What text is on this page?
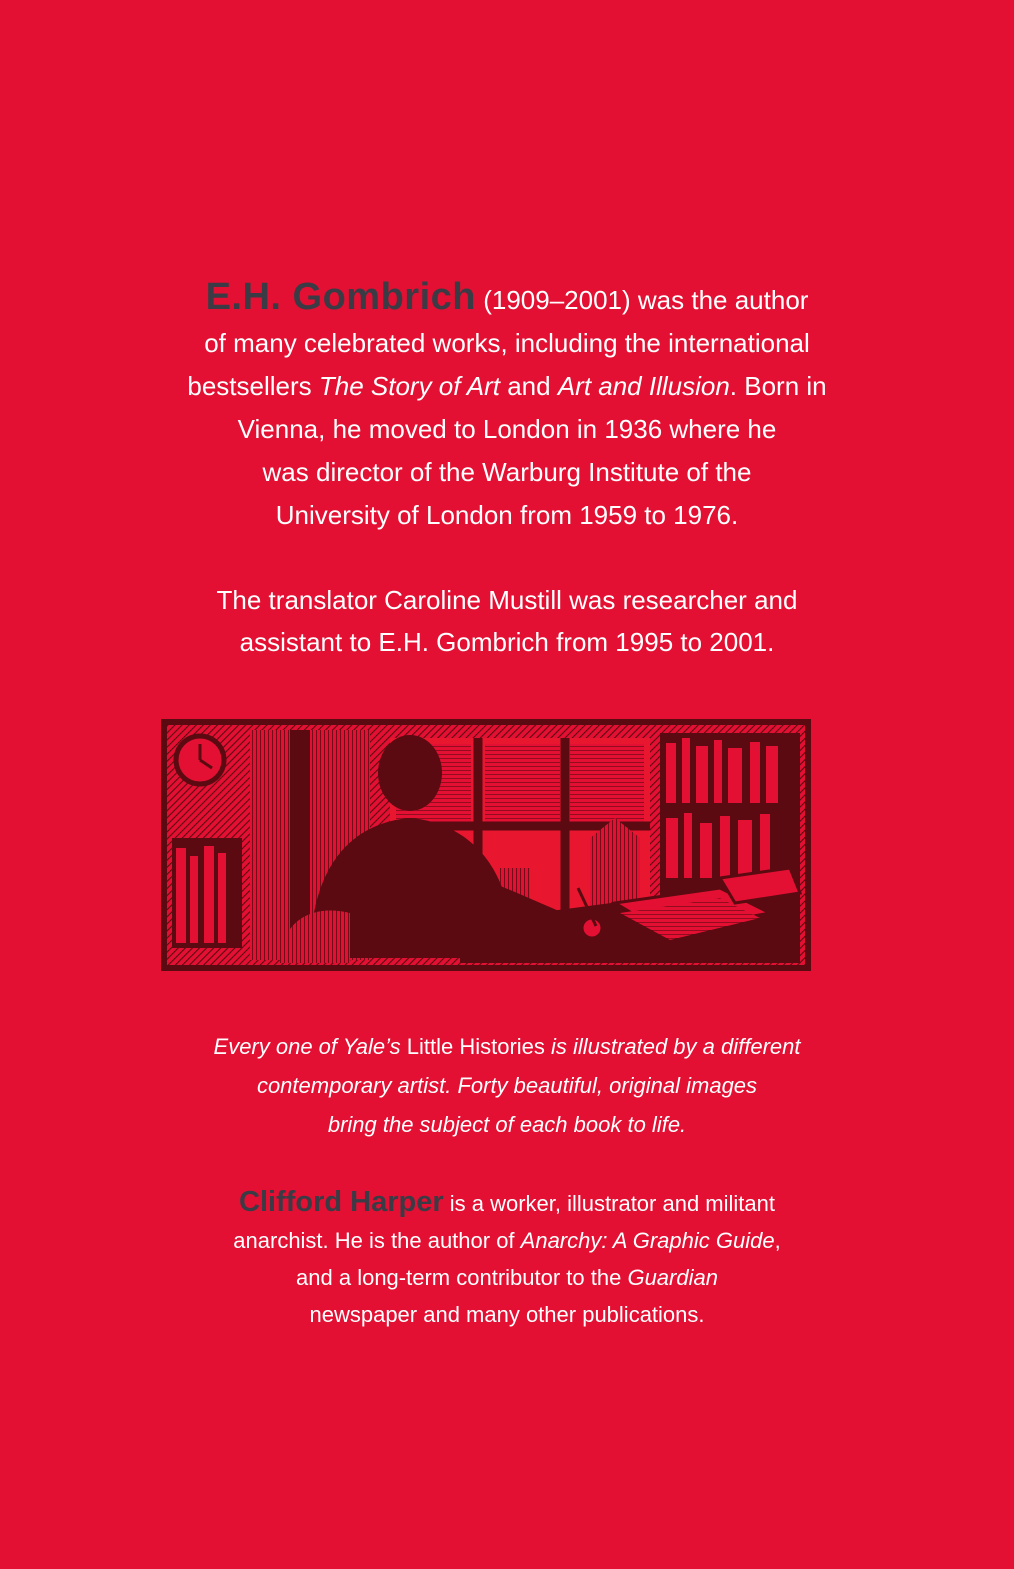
E.H. Gombrich (1909–2001) was the author
of many celebrated works, including the international
bestsellers The Story of Art and Art and Illusion. Born in
Vienna, he moved to London in 1936 where he
was director of the Warburg Institute of the
University of London from 1959 to 1976.
The translator Caroline Mustill was researcher and
assistant to E.H. Gombrich from 1995 to 2001.
Every one of Yale’s Little Histories is illustrated by a different
contemporary artist. Forty beautiful, original images
bring the subject of each book to life.
Clifford Harper is a worker, illustrator and militant
anarchist. He is the author of Anarchy: A Graphic Guide,
and a long-term contributor to the Guardian
newspaper and many other publications.
